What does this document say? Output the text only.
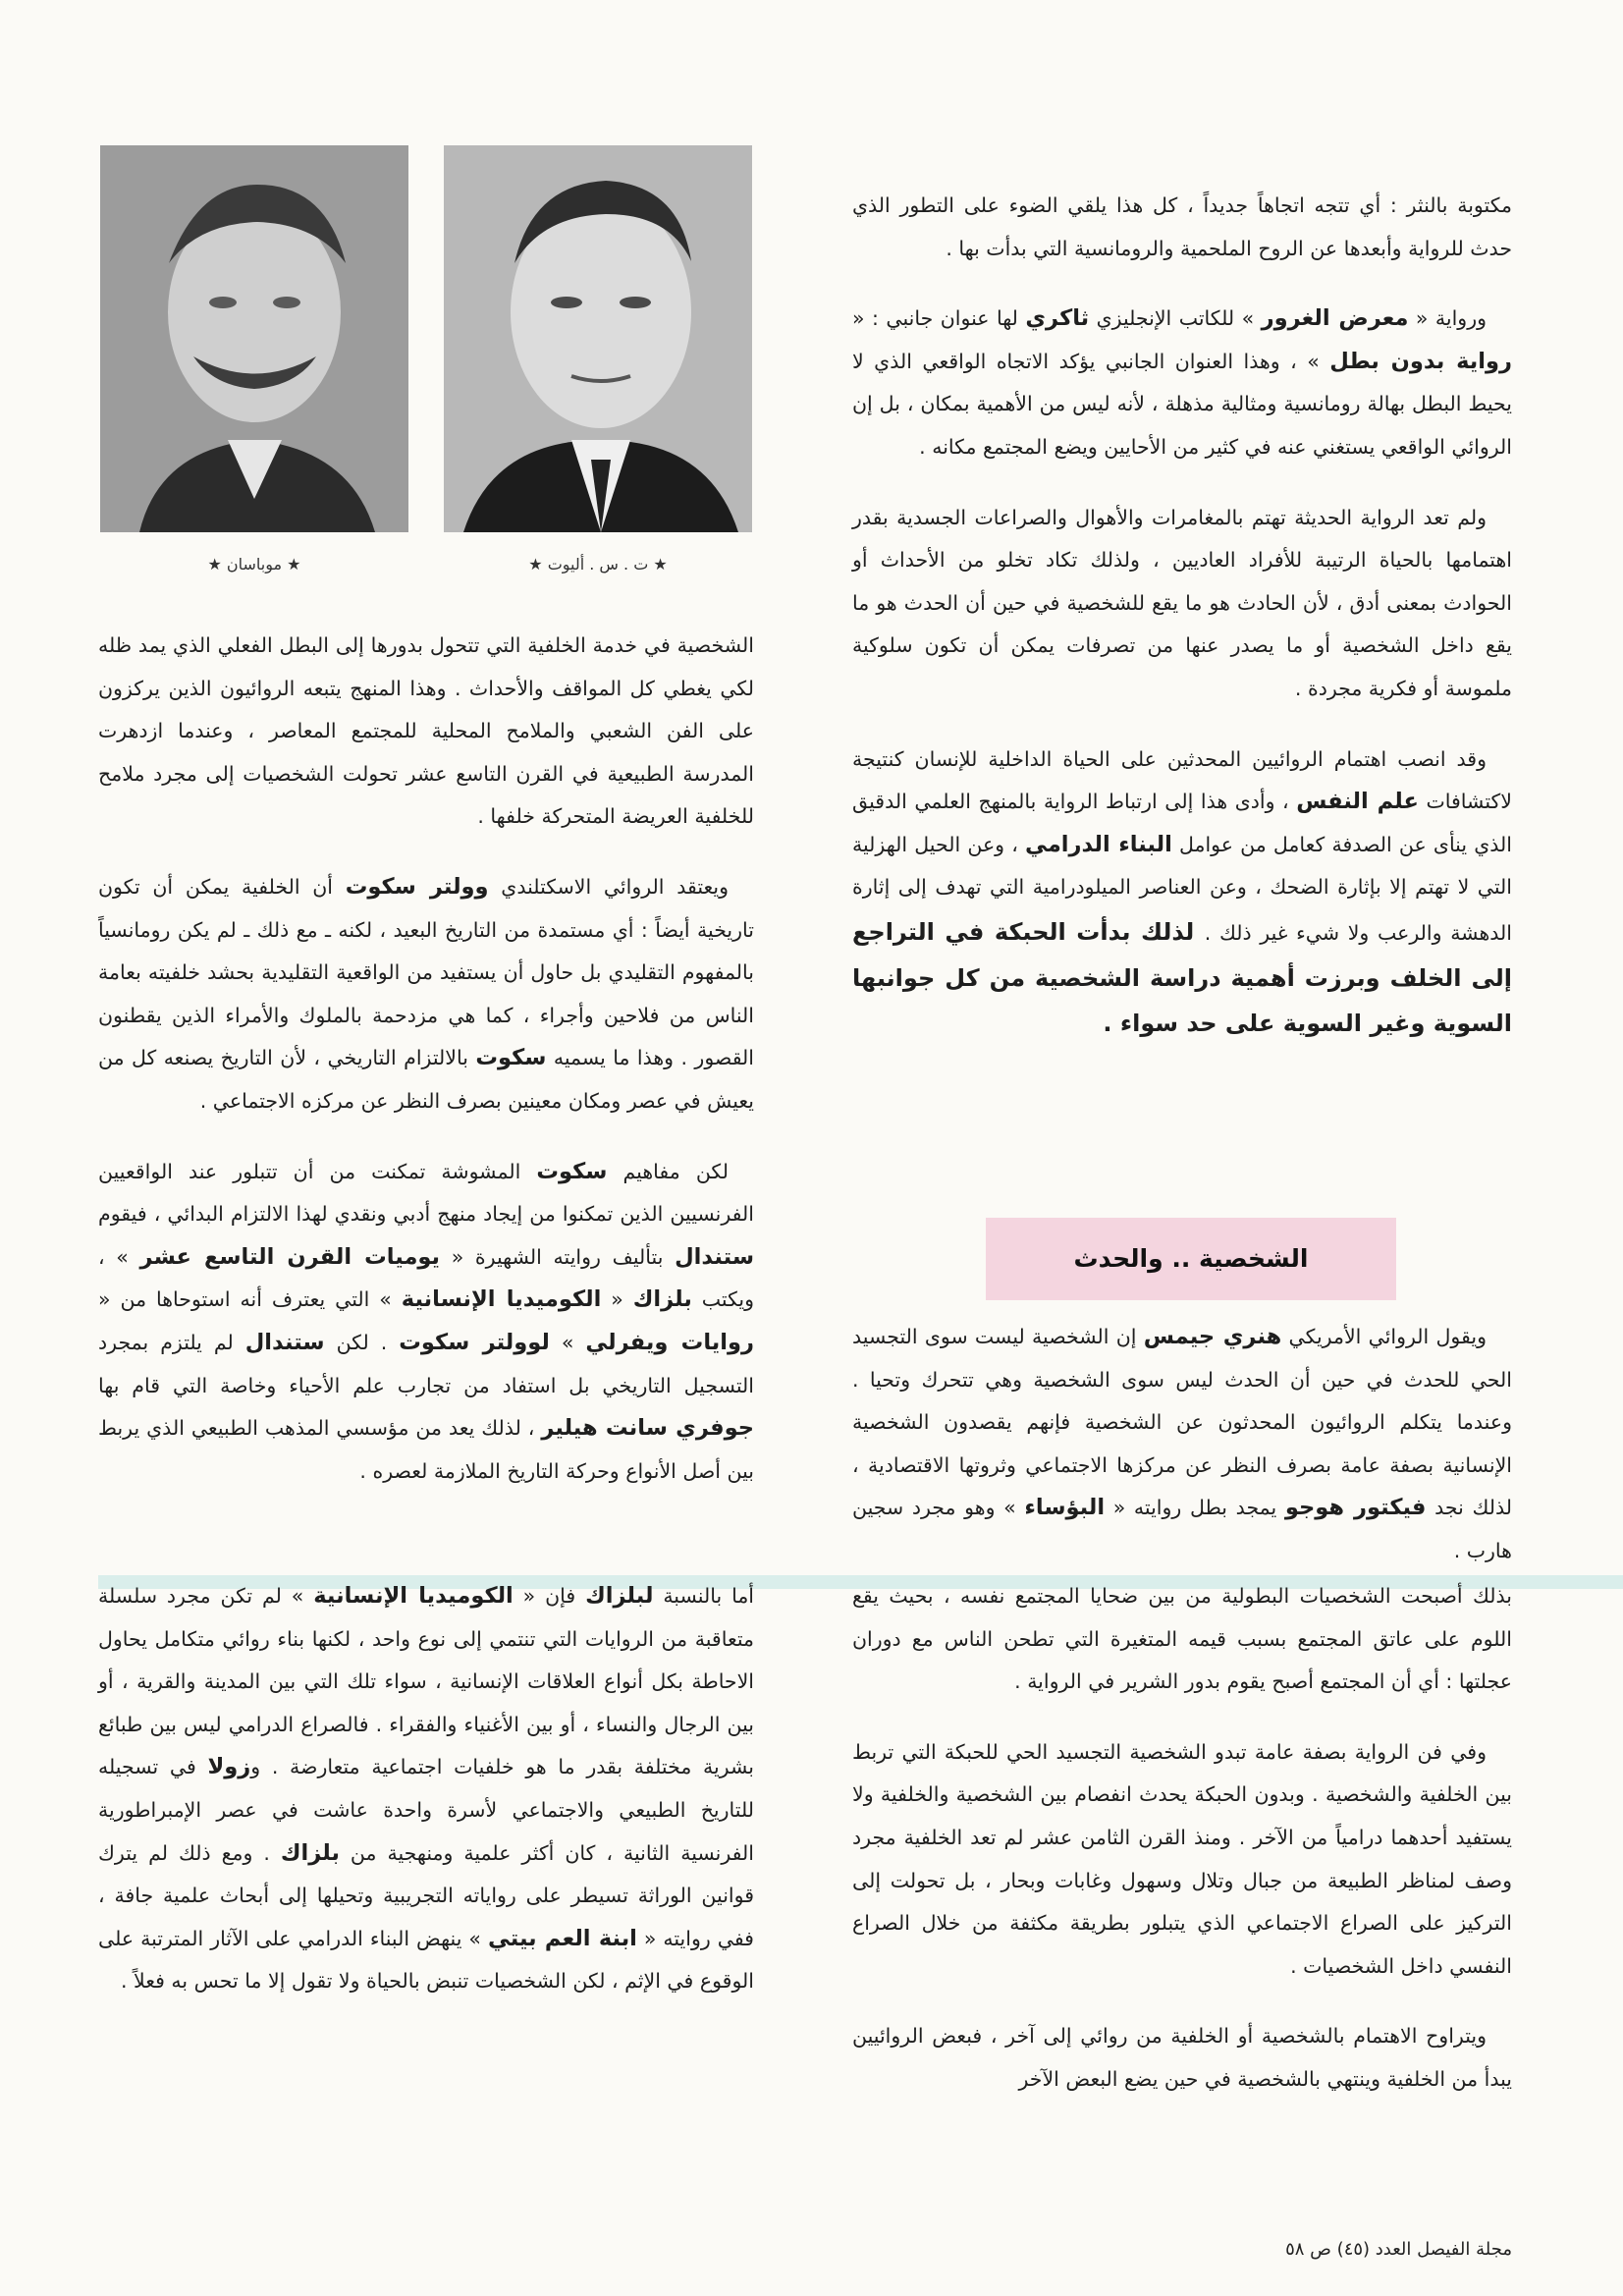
★ موباسان ★	★ ت . س . أليوت ★

مكتوبة بالنثر : أي تتجه اتجاهاً جديداً ، كل هذا يلقي الضوء على التطور الذي حدث للرواية وأبعدها عن الروح الملحمية والرومانسية التي بدأت بها .

ورواية « معرض الغرور » للكاتب الإنجليزي ثاكري لها عنوان جانبي : « رواية بدون بطل » ، وهذا العنوان الجانبي يؤكد الاتجاه الواقعي الذي لا يحيط البطل بهالة رومانسية ومثالية مذهلة ، لأنه ليس من الأهمية بمكان ، بل إن الروائي الواقعي يستغني عنه في كثير من الأحايين ويضع المجتمع مكانه .

ولم تعد الرواية الحديثة تهتم بالمغامرات والأهوال والصراعات الجسدية بقدر اهتمامها بالحياة الرتيبة للأفراد العاديين ، ولذلك تكاد تخلو من الأحداث أو الحوادث بمعنى أدق ، لأن الحادث هو ما يقع للشخصية في حين أن الحدث هو ما يقع داخل الشخصية أو ما يصدر عنها من تصرفات يمكن أن تكون سلوكية ملموسة أو فكرية مجردة .

وقد انصب اهتمام الروائيين المحدثين على الحياة الداخلية للإنسان كنتيجة لاكتشافات علم النفس ، وأدى هذا إلى ارتباط الرواية بالمنهج العلمي الدقيق الذي ينأى عن الصدفة كعامل من عوامل البناء الدرامي ، وعن الحيل الهزلية التي لا تهتم إلا بإثارة الضحك ، وعن العناصر الميلودرامية التي تهدف إلى إثارة الدهشة والرعب ولا شيء غير ذلك . لذلك بدأت الحبكة في التراجع إلى الخلف وبرزت أهمية دراسة الشخصية من كل جوانبها السوية وغير السوية على حد سواء .

الشخصية .. والحدث

ويقول الروائي الأمريكي هنري جيمس إن الشخصية ليست سوى التجسيد الحي للحدث في حين أن الحدث ليس سوى الشخصية وهي تتحرك وتحيا . وعندما يتكلم الروائيون المحدثون عن الشخصية فإنهم يقصدون الشخصية الإنسانية بصفة عامة بصرف النظر عن مركزها الاجتماعي وثروتها الاقتصادية ، لذلك نجد فيكتور هوجو يمجد بطل روايته « البؤساء » وهو مجرد سجين هارب .

الشخصية في خدمة الخلفية التي تتحول بدورها إلى البطل الفعلي الذي يمد ظله لكي يغطي كل المواقف والأحداث . وهذا المنهج يتبعه الروائيون الذين يركزون على الفن الشعبي والملامح المحلية للمجتمع المعاصر ، وعندما ازدهرت المدرسة الطبيعية في القرن التاسع عشر تحولت الشخصيات إلى مجرد ملامح للخلفية العريضة المتحركة خلفها .

ويعتقد الروائي الاسكتلندي وولتر سكوت أن الخلفية يمكن أن تكون تاريخية أيضاً : أي مستمدة من التاريخ البعيد ، لكنه ـ مع ذلك ـ لم يكن رومانسياً بالمفهوم التقليدي بل حاول أن يستفيد من الواقعية التقليدية بحشد خلفيته بعامة الناس من فلاحين وأجراء ، كما هي مزدحمة بالملوك والأمراء الذين يقطنون القصور . وهذا ما يسميه سكوت بالالتزام التاريخي ، لأن التاريخ يصنعه كل من يعيش في عصر ومكان معينين بصرف النظر عن مركزه الاجتماعي .

لكن مفاهيم سكوت المشوشة تمكنت من أن تتبلور عند الواقعيين الفرنسيين الذين تمكنوا من إيجاد منهج أدبي ونقدي لهذا الالتزام البدائي ، فيقوم ستندال بتأليف روايته الشهيرة « يوميات القرن التاسع عشر » ، ويكتب بلزاك « الكوميديا الإنسانية » التي يعترف أنه استوحاها من « روايات ويفرلي » لوولتر سكوت . لكن ستندال لم يلتزم بمجرد التسجيل التاريخي بل استفاد من تجارب علم الأحياء وخاصة التي قام بها جوفري سانت هيلير ، لذلك يعد من مؤسسي المذهب الطبيعي الذي يربط بين أصل الأنواع وحركة التاريخ الملازمة لعصره .

بذلك أصبحت الشخصيات البطولية من بين ضحايا المجتمع نفسه ، بحيث يقع اللوم على عاتق المجتمع بسبب قيمه المتغيرة التي تطحن الناس مع دوران عجلتها : أي أن المجتمع أصبح يقوم بدور الشرير في الرواية .

وفي فن الرواية بصفة عامة تبدو الشخصية التجسيد الحي للحبكة التي تربط بين الخلفية والشخصية . وبدون الحبكة يحدث انفصام بين الشخصية والخلفية ولا يستفيد أحدهما درامياً من الآخر . ومنذ القرن الثامن عشر لم تعد الخلفية مجرد وصف لمناظر الطبيعة من جبال وتلال وسهول وغابات وبحار ، بل تحولت إلى التركيز على الصراع الاجتماعي الذي يتبلور بطريقة مكثفة من خلال الصراع النفسي داخل الشخصيات .

ويتراوح الاهتمام بالشخصية أو الخلفية من روائي إلى آخر ، فبعض الروائيين يبدأ من الخلفية وينتهي بالشخصية في حين يضع البعض الآخر

أما بالنسبة لبلزاك فإن « الكوميديا الإنسانية » لم تكن مجرد سلسلة متعاقبة من الروايات التي تنتمي إلى نوع واحد ، لكنها بناء روائي متكامل يحاول الاحاطة بكل أنواع العلاقات الإنسانية ، سواء تلك التي بين المدينة والقرية ، أو بين الرجال والنساء ، أو بين الأغنياء والفقراء . فالصراع الدرامي ليس بين طبائع بشرية مختلفة بقدر ما هو خلفيات اجتماعية متعارضة . وزولا في تسجيله للتاريخ الطبيعي والاجتماعي لأسرة واحدة عاشت في عصر الإمبراطورية الفرنسية الثانية ، كان أكثر علمية ومنهجية من بلزاك . ومع ذلك لم يترك قوانين الوراثة تسيطر على رواياته التجريبية وتحيلها إلى أبحاث علمية جافة ، ففي روايته « ابنة العم بيتي » ينهض البناء الدرامي على الآثار المترتبة على الوقوع في الإثم ، لكن الشخصيات تنبض بالحياة ولا تقول إلا ما تحس به فعلاً .

مجلة الفيصل العدد (٤٥) ص ٥٨
